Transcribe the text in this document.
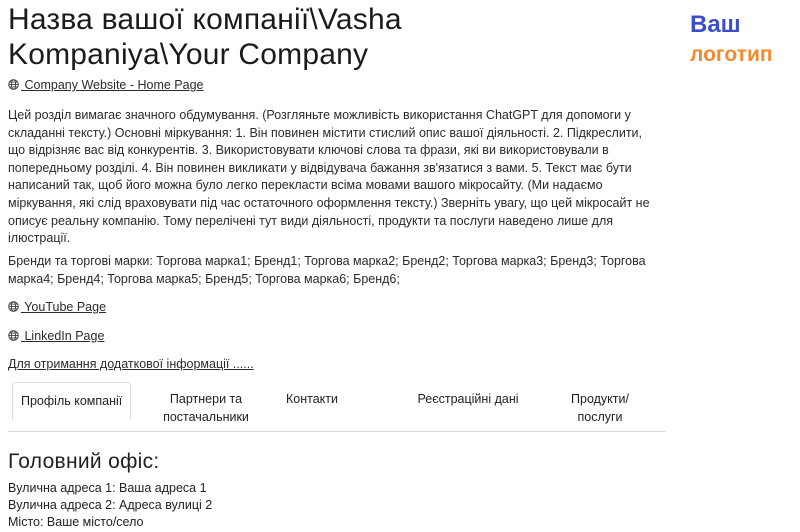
Назва вашої компанії\Vasha Kompaniya\Your Company
Ваш
логотип
Company Website - Home Page

Цей розділ вимагає значного обдумування. (Розгляньте можливість використання ChatGPT для допомоги у складанні тексту.) Основні міркування: 1. Він повинен містити стислий опис вашої діяльності. 2. Підкреслити, що відрізняє вас від конкурентів. 3. Використовувати ключові слова та фрази, які ви використовували в попередньому розділі. 4. Він повинен викликати у відвідувача бажання зв'язатися з вами. 5. Текст має бути написаний так, щоб його можна було легко перекласти всіма мовами вашого мікросайту. (Ми надаємо міркування, які слід враховувати під час остаточного оформлення тексту.) Зверніть увагу, що цей мікросайт не описує реальну компанію. Тому перелічені тут види діяльності, продукти та послуги наведено лише для ілюстрації.

Бренди та торгові марки: Торгова марка1; Бренд1; Торгова марка2; Бренд2; Торгова марка3; Бренд3; Торгова марка4; Бренд4; Торгова марка5; Бренд5; Торгова марка6; Бренд6;

YouTube Page
LinkedIn Page
Для отримання додаткової інформації ......
Профіль компанії	Партнери та постачальники
Контакти	Реєстраційні дані	Продукти/ послуги
Головний офіс:
Вулична адреса 1: Ваша адреса 1
Вулична адреса 2: Адреса вулиці 2
Місто: Ваше місто/село
